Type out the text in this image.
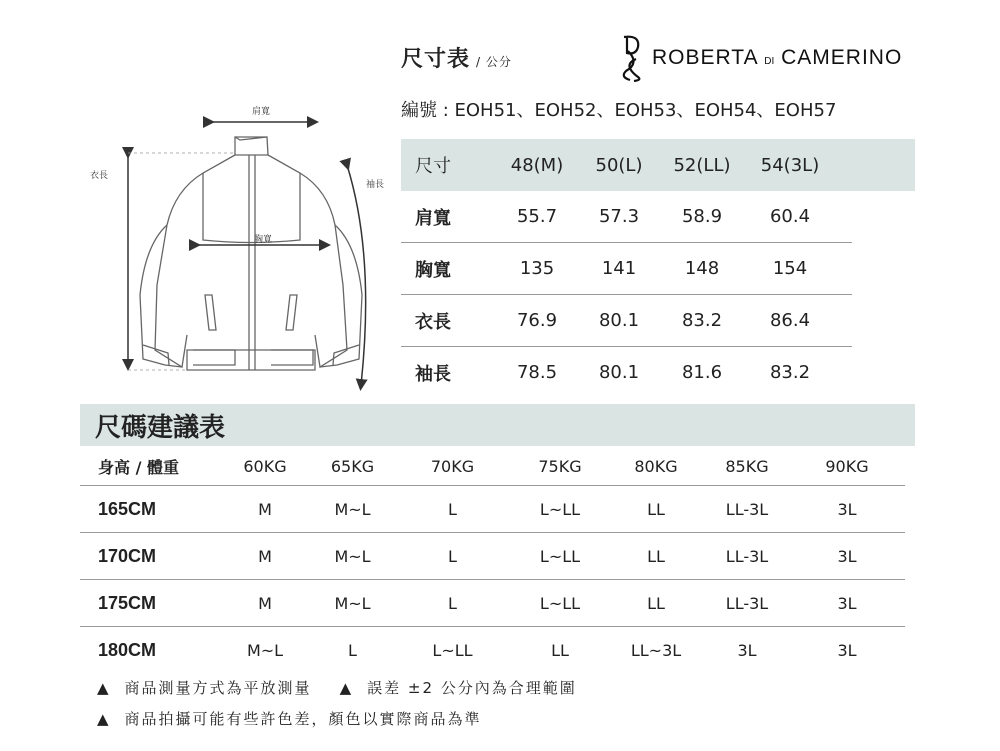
肩寬
胸寬
衣長
袖長
尺寸表 / 公分	ROBERTA DI CAMERINO
編號 : EOH51、EOH52、EOH53、EOH54、EOH57
尺寸	48(M)	50(L)	52(LL)	54(3L)
肩寬	55.7	57.3	58.9	60.4
胸寬	135	141	148	154
衣長	76.9	80.1	83.2	86.4
袖長	78.5	80.1	81.6	83.2
尺碼建議表
身高 / 體重	60KG	65KG	70KG	75KG	80KG	85KG	90KG
165CM	M	M~L	L	L~LL	LL	LL-3L	3L
170CM	M	M~L	L	L~LL	LL	LL-3L	3L
175CM	M	M~L	L	L~LL	LL	LL-3L	3L
180CM	M~L	L	L~LL	LL	LL~3L	3L	3L
▲ 商品測量方式為平放測量 ▲ 誤差 ±2 公分內為合理範圍
▲ 商品拍攝可能有些許色差，顏色以實際商品為準
